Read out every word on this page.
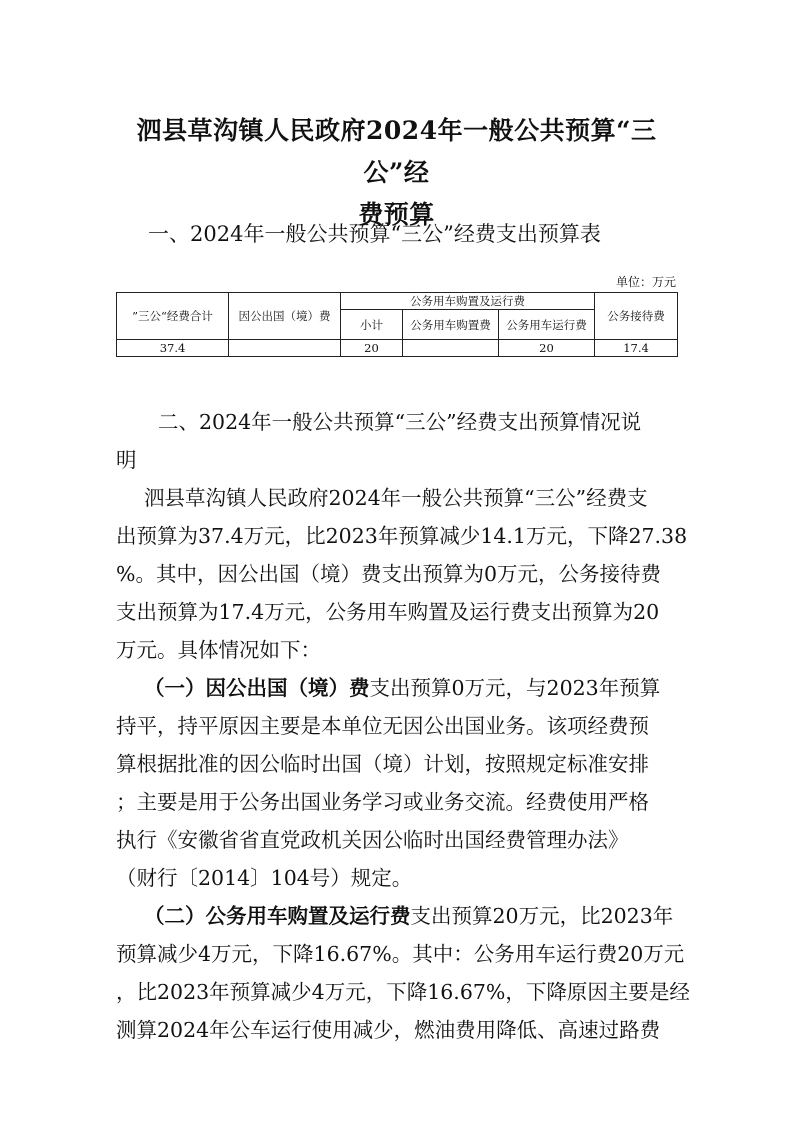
泗县草沟镇人民政府2024年一般公共预算“三公”经
费预算
一、2024年一般公共预算“三公”经费支出预算表
单位：万元
”三公“经费合计	因公出国（境）费	公务用车购置及运行费			公务接待费
		小计	公务用车购置费	公务用车运行费	
37.4		20		20	17.4
二、2024年一般公共预算“三公”经费支出预算情况说
明
泗县草沟镇人民政府2024年一般公共预算“三公”经费支
出预算为37.4万元，比2023年预算减少14.1万元，下降27.38
%。其中，因公出国（境）费支出预算为0万元，公务接待费
支出预算为17.4万元，公务用车购置及运行费支出预算为20
万元。具体情况如下：
（一）因公出国（境）费支出预算0万元，与2023年预算
持平，持平原因主要是本单位无因公出国业务。该项经费预
算根据批准的因公临时出国（境）计划，按照规定标准安排
；主要是用于公务出国业务学习或业务交流。经费使用严格
执行《安徽省省直党政机关因公临时出国经费管理办法》
（财行〔2014〕104号）规定。
（二）公务用车购置及运行费支出预算20万元，比2023年
预算减少4万元，下降16.67%。其中：公务用车运行费20万元
，比2023年预算减少4万元，下降16.67%，下降原因主要是经
测算2024年公车运行使用减少，燃油费用降低、高速过路费
